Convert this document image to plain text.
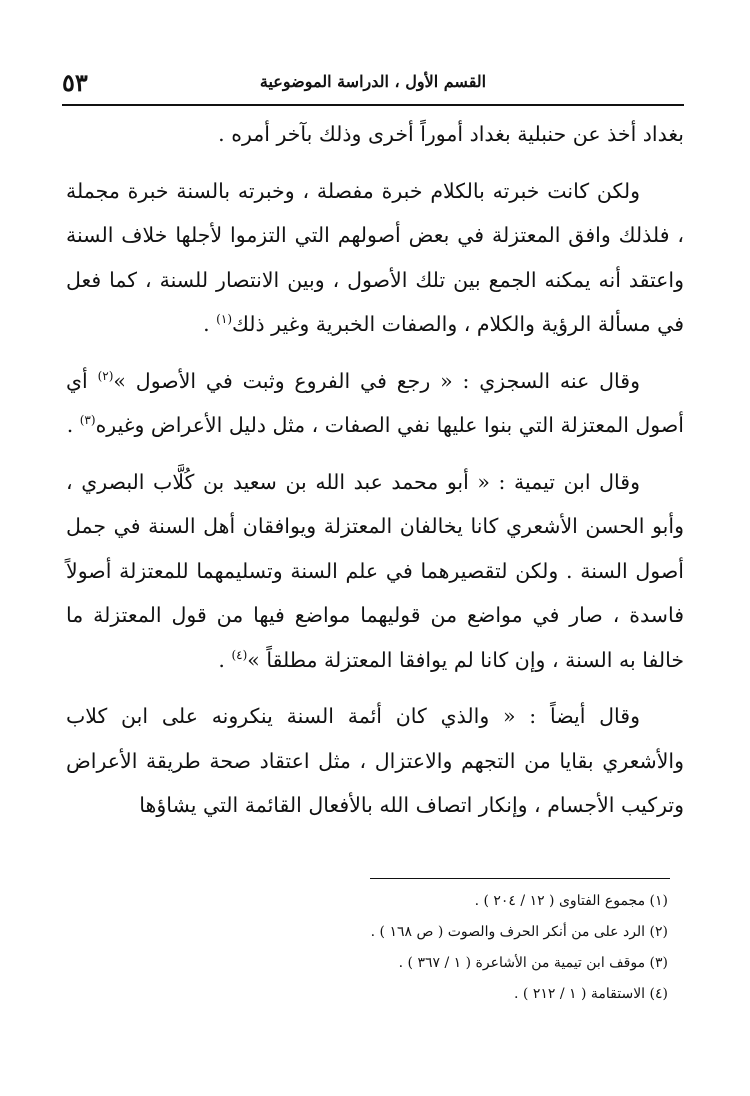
القسم الأول ، الدراسة الموضوعية
٥٣

بغداد أخذ عن حنبلية بغداد أموراً أخرى وذلك بآخر أمره .

ولكن كانت خبرته بالكلام خبرة مفصلة ، وخبرته بالسنة خبرة مجملة ، فلذلك وافق المعتزلة في بعض أصولهم التي التزموا لأجلها خلاف السنة واعتقد أنه يمكنه الجمع بين تلك الأصول ، وبين الانتصار للسنة ، كما فعل في مسألة الرؤية والكلام ، والصفات الخبرية وغير ذلك$^{(١)}$ .

وقال عنه السجزي : « رجع في الفروع وثبت في الأصول »$^{(٢)}$ أي أصول المعتزلة التي بنوا عليها نفي الصفات ، مثل دليل الأعراض وغيره$^{(٣)}$ .

وقال ابن تيمية : « أبو محمد عبد الله بن سعيد بن كُلَّاب البصري ، وأبو الحسن الأشعري كانا يخالفان المعتزلة ويوافقان أهل السنة في جمل أصول السنة . ولكن لتقصيرهما في علم السنة وتسليمهما للمعتزلة أصولاً فاسدة ، صار في مواضع من قوليهما مواضع فيها من قول المعتزلة ما خالفا به السنة ، وإن كانا لم يوافقا المعتزلة مطلقاً »$^{(٤)}$ .

وقال أيضاً : « والذي كان أئمة السنة ينكرونه على ابن كلاب والأشعري بقايا من التجهم والاعتزال ، مثل اعتقاد صحة طريقة الأعراض وتركيب الأجسام ، وإنكار اتصاف الله بالأفعال القائمة التي يشاؤها

(١) مجموع الفتاوى ( ١٢ / ٢٠٤ ) .

(٢) الرد على من أنكر الحرف والصوت ( ص ١٦٨ ) .

(٣) موقف ابن تيمية من الأشاعرة ( ١ / ٣٦٧ ) .

(٤) الاستقامة ( ١ / ٢١٢ ) .
